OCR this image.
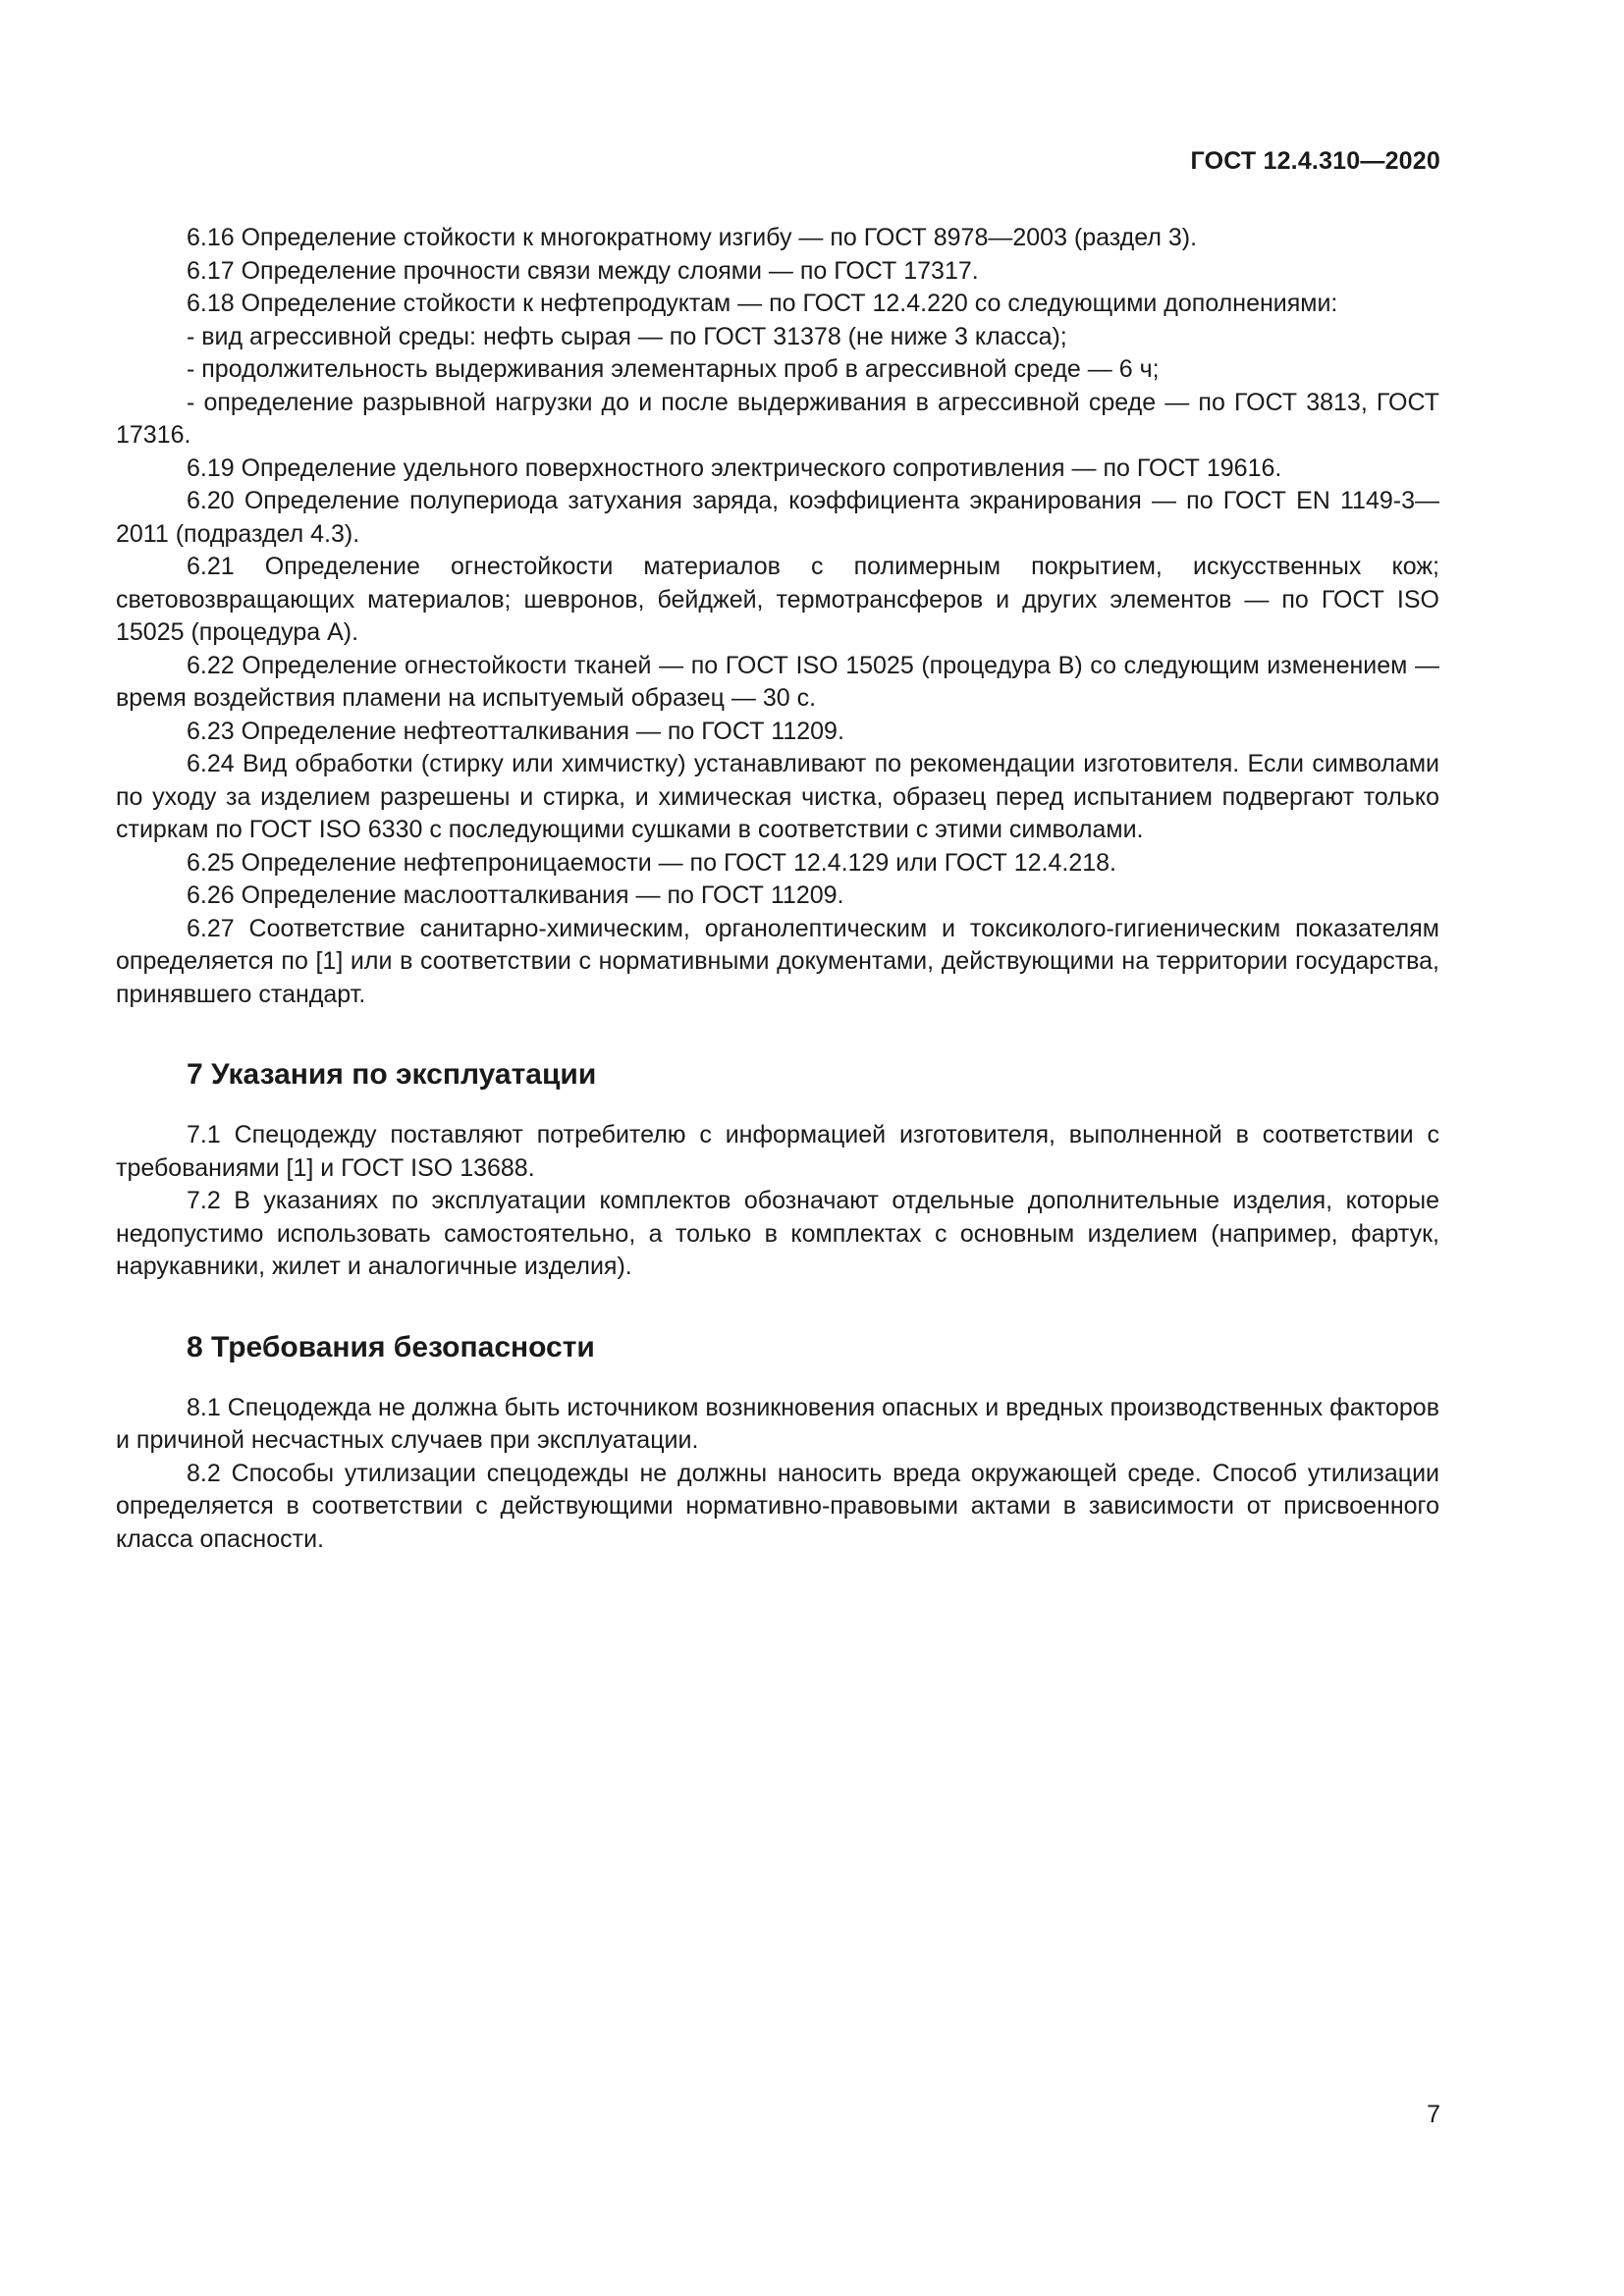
ГОСТ 12.4.310—2020

6.16 Определение стойкости к многократному изгибу — по ГОСТ 8978—2003 (раздел 3).

6.17 Определение прочности связи между слоями — по ГОСТ 17317.

6.18 Определение стойкости к нефтепродуктам — по ГОСТ 12.4.220 со следующими дополнениями:

- вид агрессивной среды: нефть сырая — по ГОСТ 31378 (не ниже 3 класса);

- продолжительность выдерживания элементарных проб в агрессивной среде — 6 ч;

- определение разрывной нагрузки до и после выдерживания в агрессивной среде — по ГОСТ 3813, ГОСТ 17316.

6.19 Определение удельного поверхностного электрического сопротивления — по ГОСТ 19616.

6.20 Определение полупериода затухания заряда, коэффициента экранирования — по ГОСТ EN 1149-3—2011 (подраздел 4.3).

6.21 Определение огнестойкости материалов с полимерным покрытием, искусственных кож; световозвращающих материалов; шевронов, бейджей, термотрансферов и других элементов — по ГОСТ ISO 15025 (процедура А).

6.22 Определение огнестойкости тканей — по ГОСТ ISO 15025 (процедура В) со следующим изменением — время воздействия пламени на испытуемый образец — 30 с.

6.23 Определение нефтеотталкивания — по ГОСТ 11209.

6.24 Вид обработки (стирку или химчистку) устанавливают по рекомендации изготовителя. Если символами по уходу за изделием разрешены и стирка, и химическая чистка, образец перед испытанием подвергают только стиркам по ГОСТ ISO 6330 с последующими сушками в соответствии с этими символами.

6.25 Определение нефтепроницаемости — по ГОСТ 12.4.129 или ГОСТ 12.4.218.

6.26 Определение маслоотталкивания — по ГОСТ 11209.

6.27 Соответствие санитарно-химическим, органолептическим и токсиколого-гигиеническим показателям определяется по [1] или в соответствии с нормативными документами, действующими на территории государства, принявшего стандарт.

7 Указания по эксплуатации

7.1 Спецодежду поставляют потребителю с информацией изготовителя, выполненной в соответствии с требованиями [1] и ГОСТ ISO 13688.

7.2 В указаниях по эксплуатации комплектов обозначают отдельные дополнительные изделия, которые недопустимо использовать самостоятельно, а только в комплектах с основным изделием (например, фартук, нарукавники, жилет и аналогичные изделия).

8 Требования безопасности

8.1 Спецодежда не должна быть источником возникновения опасных и вредных производственных факторов и причиной несчастных случаев при эксплуатации.

8.2 Способы утилизации спецодежды не должны наносить вреда окружающей среде. Способ утилизации определяется в соответствии с действующими нормативно-правовыми актами в зависимости от присвоенного класса опасности.

7
